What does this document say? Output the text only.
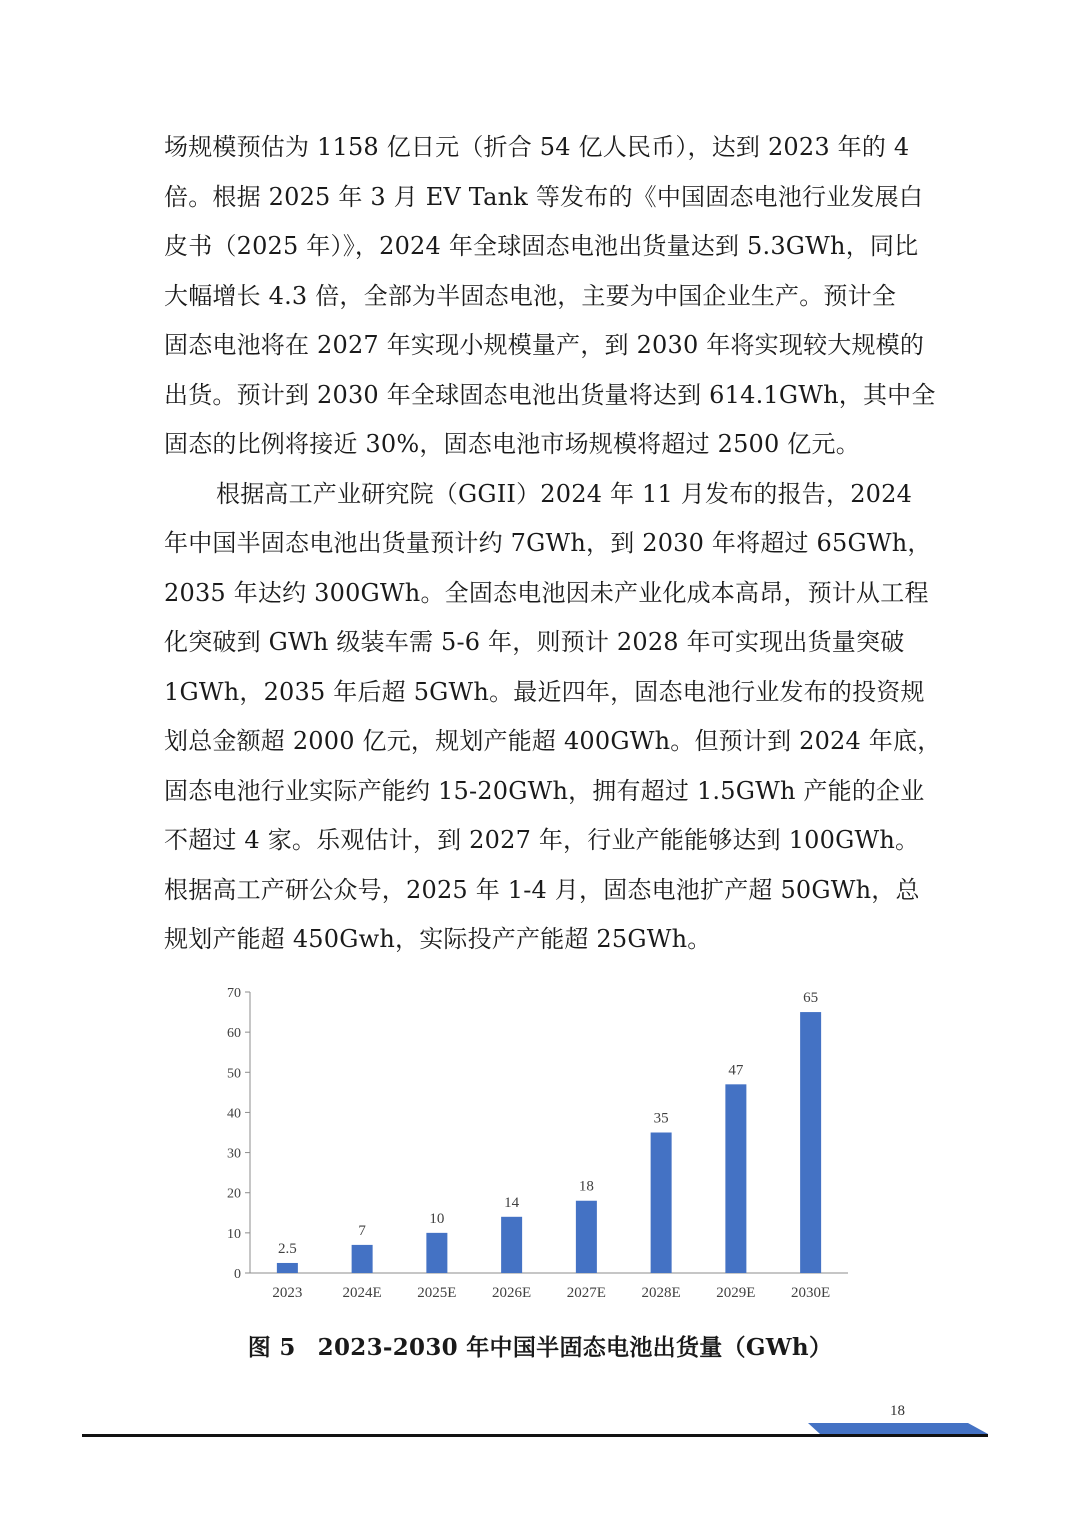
场规模预估为 1158 亿日元（折合 54 亿人民币），达到 2023 年的 4
倍。根据 2025 年 3 月 EV Tank 等发布的《中国固态电池行业发展白
皮书（2025 年）》，2024 年全球固态电池出货量达到 5.3GWh，同比
大幅增长 4.3 倍，全部为半固态电池，主要为中国企业生产。预计全
固态电池将在 2027 年实现小规模量产，到 2030 年将实现较大规模的
出货。预计到 2030 年全球固态电池出货量将达到 614.1GWh，其中全
固态的比例将接近 30%，固态电池市场规模将超过 2500 亿元。
根据高工产业研究院（GGII）2024 年 11 月发布的报告，2024
年中国半固态电池出货量预计约 7GWh，到 2030 年将超过 65GWh，
2035 年达约 300GWh。全固态电池因未产业化成本高昂，预计从工程
化突破到 GWh 级装车需 5-6 年，则预计 2028 年可实现出货量突破
1GWh，2035 年后超 5GWh。最近四年，固态电池行业发布的投资规
划总金额超 2000 亿元，规划产能超 400GWh。但预计到 2024 年底，
固态电池行业实际产能约 15-20GWh，拥有超过 1.5GWh 产能的企业
不超过 4 家。乐观估计，到 2027 年，行业产能能够达到 100GWh。
根据高工产研公众号，2025 年 1-4 月，固态电池扩产超 50GWh，总
规划产能超 450Gwh，实际投产产能超 25GWh。
0
10
20
30
40
50
60
70
2023	2024E 2025E 2026E 2027E 2028E 2029E 2030E
2.5
7
10
14
18
35
47
65
图 5 2023-2030 年中国半固态电池出货量（GWh）
18
